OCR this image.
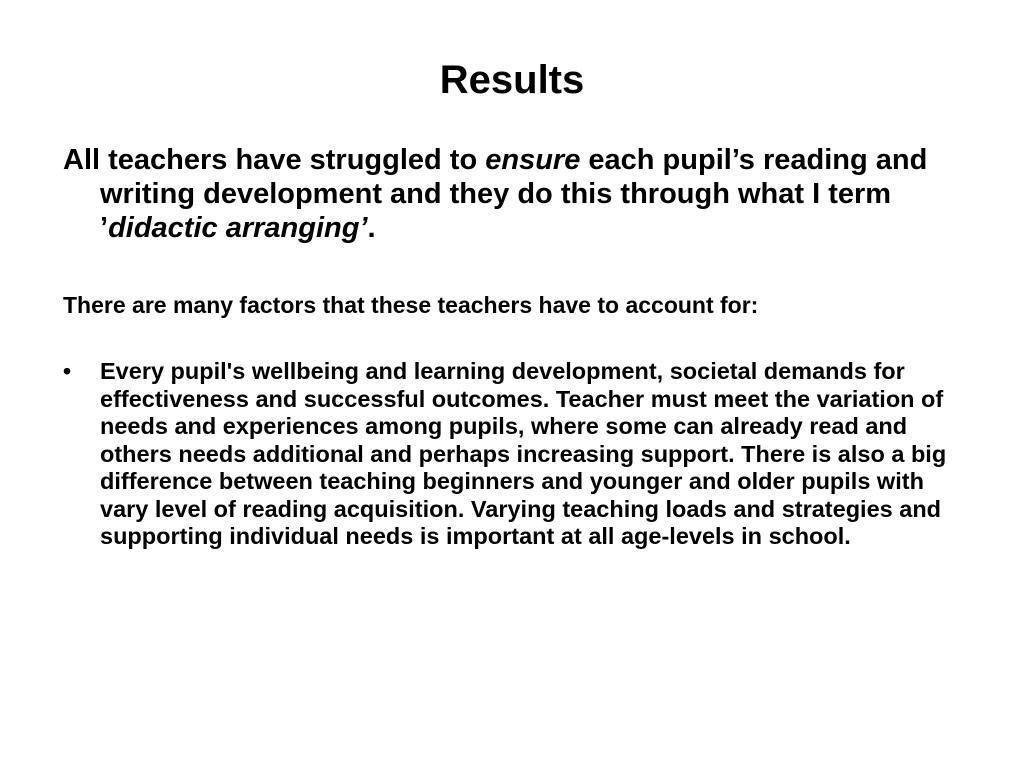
Results
All teachers have struggled to ensure each pupil’s reading and writing development and they do this through what I term ’didactic arranging’.
There are many factors that these teachers have to account for:
• Every pupil's wellbeing and learning development, societal demands for effectiveness and successful outcomes. Teacher must meet the variation of needs and experiences among pupils, where some can already read and others needs additional and perhaps increasing support. There is also a big difference between teaching beginners and younger and older pupils with vary level of reading acquisition. Varying teaching loads and strategies and supporting individual needs is important at all age-levels in school.
